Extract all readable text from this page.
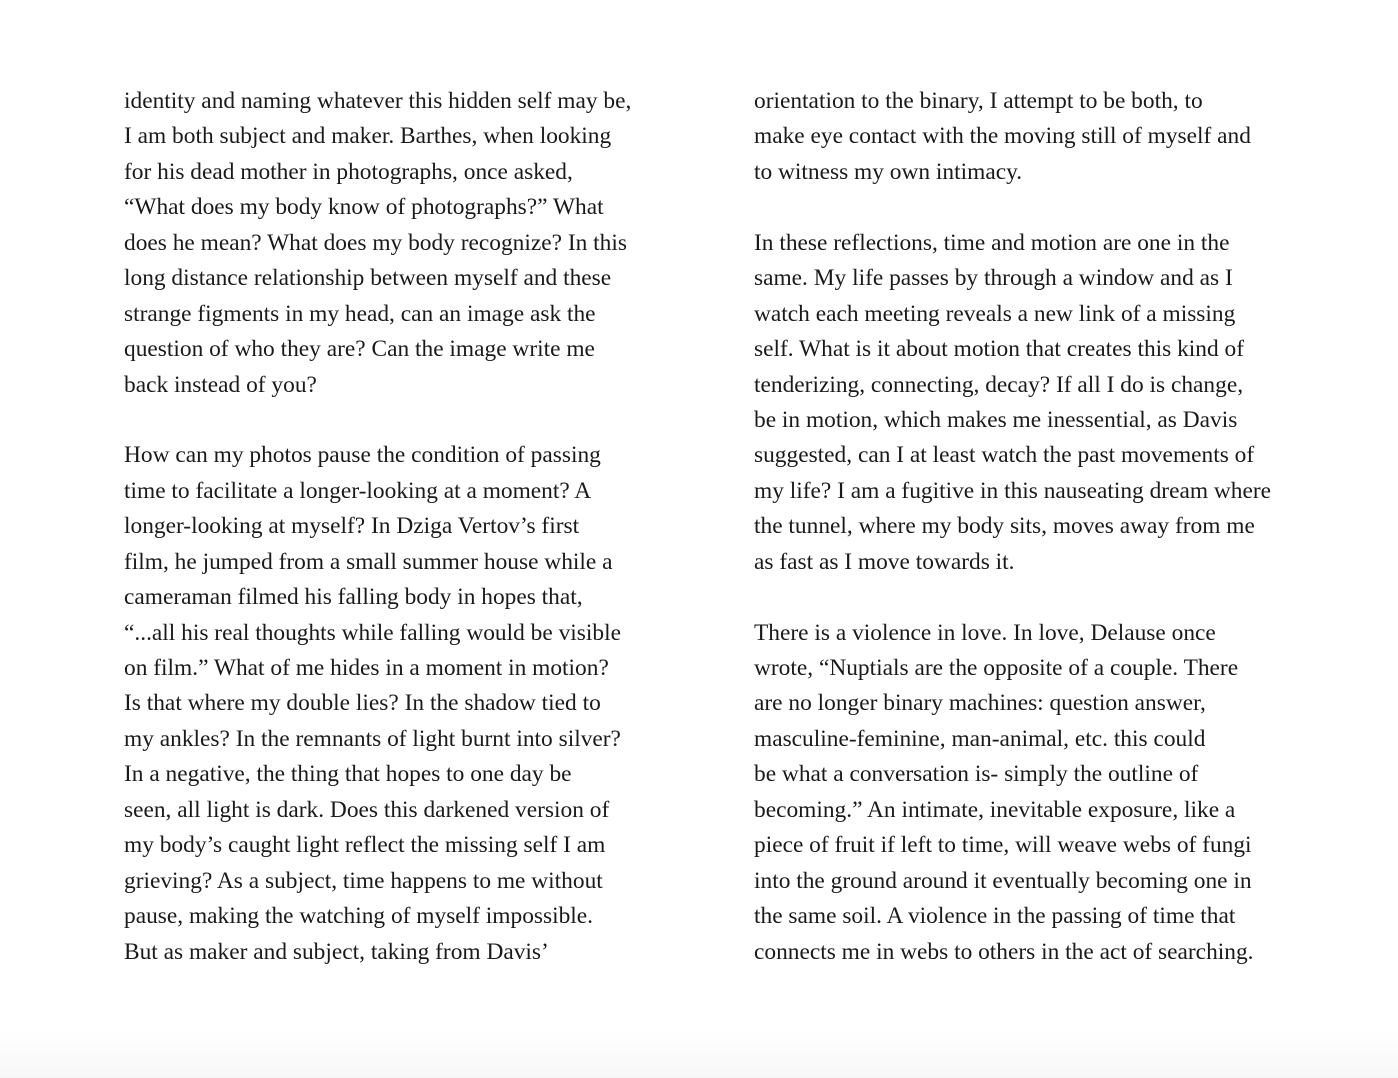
identity and naming whatever this hidden self may be,
I am both subject and maker. Barthes, when looking
for his dead mother in photographs, once asked,
“What does my body know of photographs?” What
does he mean? What does my body recognize? In this
long distance relationship between myself and these
strange figments in my head, can an image ask the
question of who they are? Can the image write me
back instead of you?
How can my photos pause the condition of passing
time to facilitate a longer-looking at a moment? A
longer-looking at myself? In Dziga Vertov’s first
film, he jumped from a small summer house while a
cameraman filmed his falling body in hopes that,
“...all his real thoughts while falling would be visible
on film.” What of me hides in a moment in motion?
Is that where my double lies? In the shadow tied to
my ankles? In the remnants of light burnt into silver?
In a negative, the thing that hopes to one day be
seen, all light is dark. Does this darkened version of
my body’s caught light reflect the missing self I am
grieving? As a subject, time happens to me without
pause, making the watching of myself impossible.
But as maker and subject, taking from Davis’
orientation to the binary, I attempt to be both, to
make eye contact with the moving still of myself and
to witness my own intimacy.
In these reflections, time and motion are one in the
same. My life passes by through a window and as I
watch each meeting reveals a new link of a missing
self. What is it about motion that creates this kind of
tenderizing, connecting, decay? If all I do is change,
be in motion, which makes me inessential, as Davis
suggested, can I at least watch the past movements of
my life? I am a fugitive in this nauseating dream where
the tunnel, where my body sits, moves away from me
as fast as I move towards it.
There is a violence in love. In love, Delause once
wrote, “Nuptials are the opposite of a couple. There
are no longer binary machines: question answer,
masculine-feminine, man-animal, etc. this could
be what a conversation is- simply the outline of
becoming.” An intimate, inevitable exposure, like a
piece of fruit if left to time, will weave webs of fungi
into the ground around it eventually becoming one in
the same soil. A violence in the passing of time that
connects me in webs to others in the act of searching.
